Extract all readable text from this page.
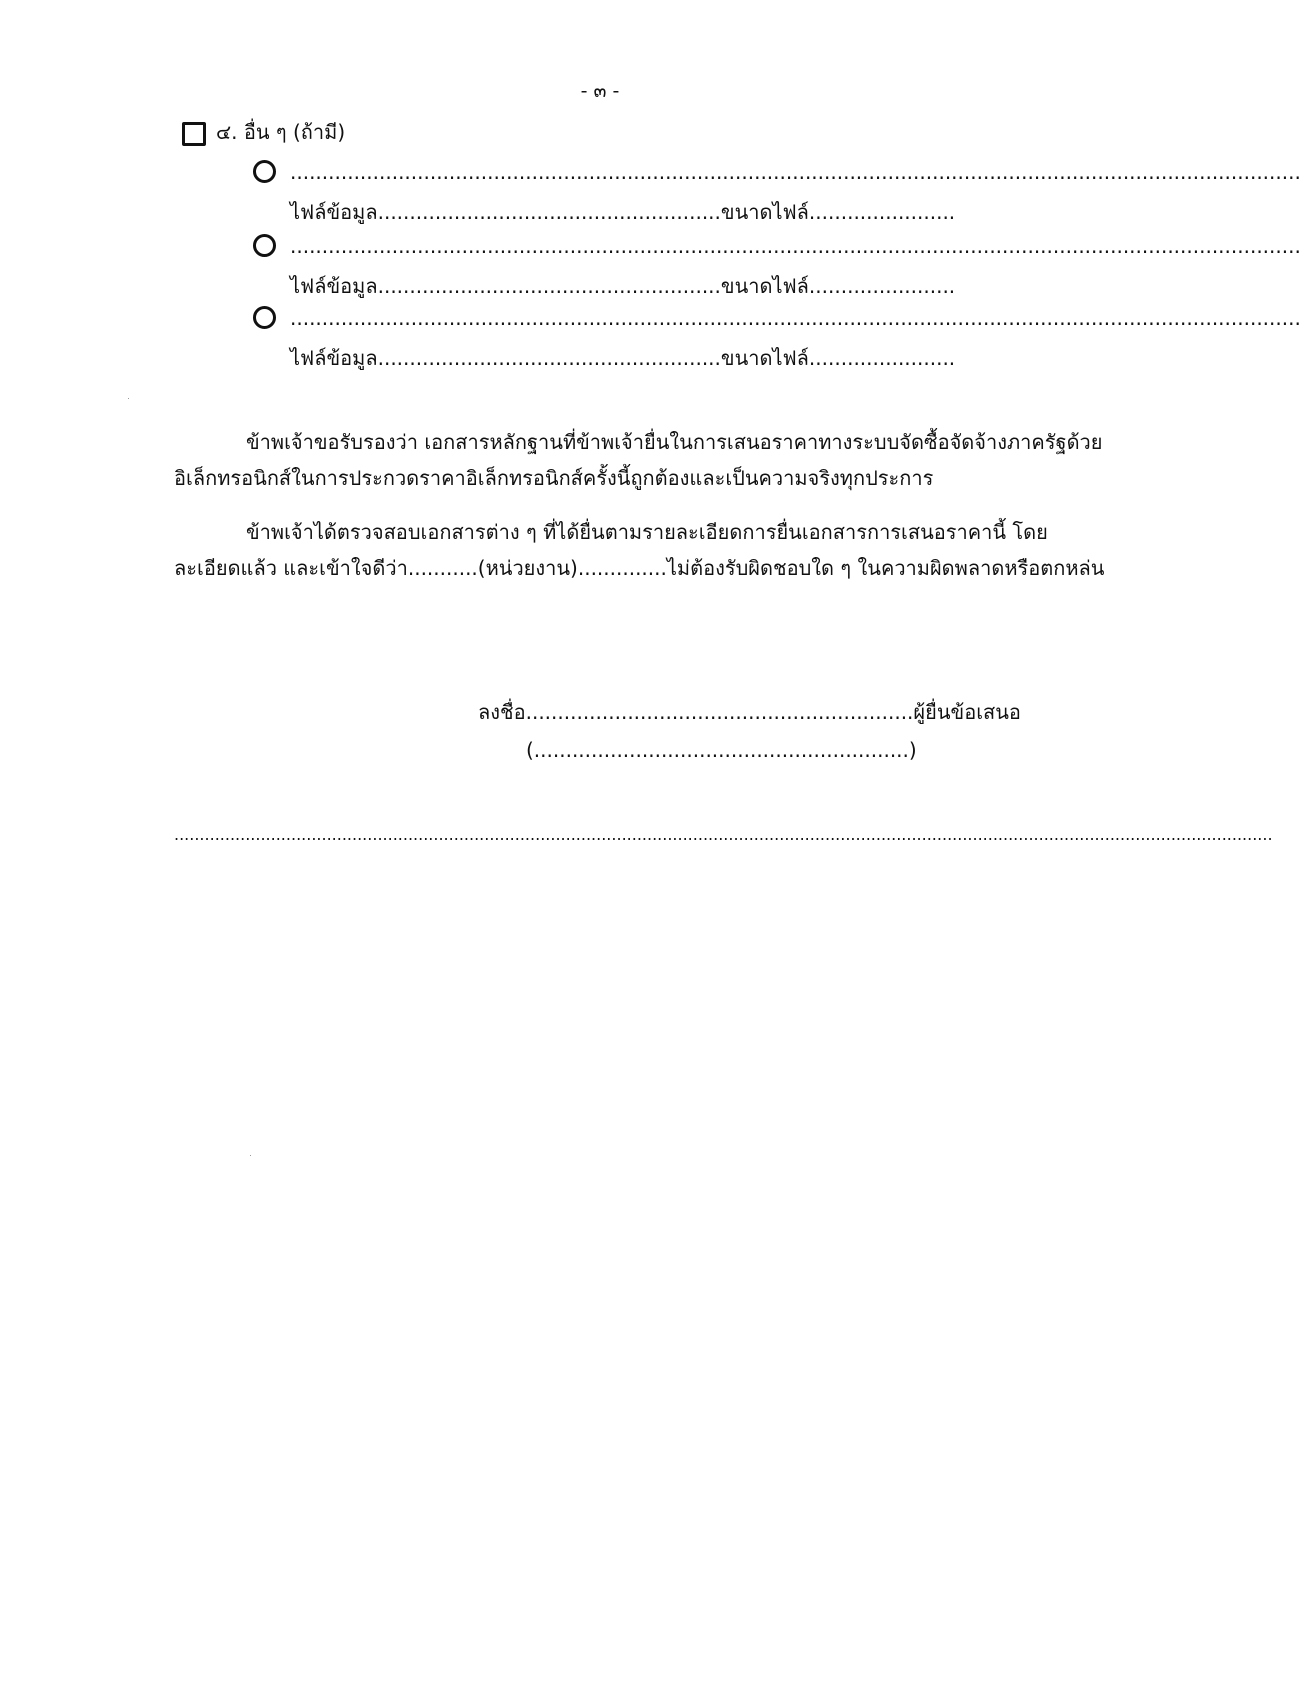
- ๓ -
๔. อื่น ๆ (ถ้ามี)
...............................................................................................................................................................
ไฟล์ข้อมูล......................................................ขนาดไฟล์.......................
...............................................................................................................................................................
ไฟล์ข้อมูล......................................................ขนาดไฟล์.......................
...............................................................................................................................................................
ไฟล์ข้อมูล......................................................ขนาดไฟล์.......................
ข้าพเจ้าขอรับรองว่า เอกสารหลักฐานที่ข้าพเจ้ายื่นในการเสนอราคาทางระบบจัดซื้อจัดจ้างภาครัฐด้วยอิเล็กทรอนิกส์ในการประกวดราคาอิเล็กทรอนิกส์ครั้งนี้ถูกต้องและเป็นความจริงทุกประการ
ข้าพเจ้าได้ตรวจสอบเอกสารต่าง ๆ ที่ได้ยื่นตามรายละเอียดการยื่นเอกสารการเสนอราคานี้ โดยละเอียดแล้ว และเข้าใจดีว่า...........(หน่วยงาน)..............ไม่ต้องรับผิดชอบใด ๆ ในความผิดพลาดหรือตกหล่น
ลงชื่อ.............................................................ผู้ยื่นข้อเสนอ
(...........................................................)
........................................................................................................................................................................................................................
